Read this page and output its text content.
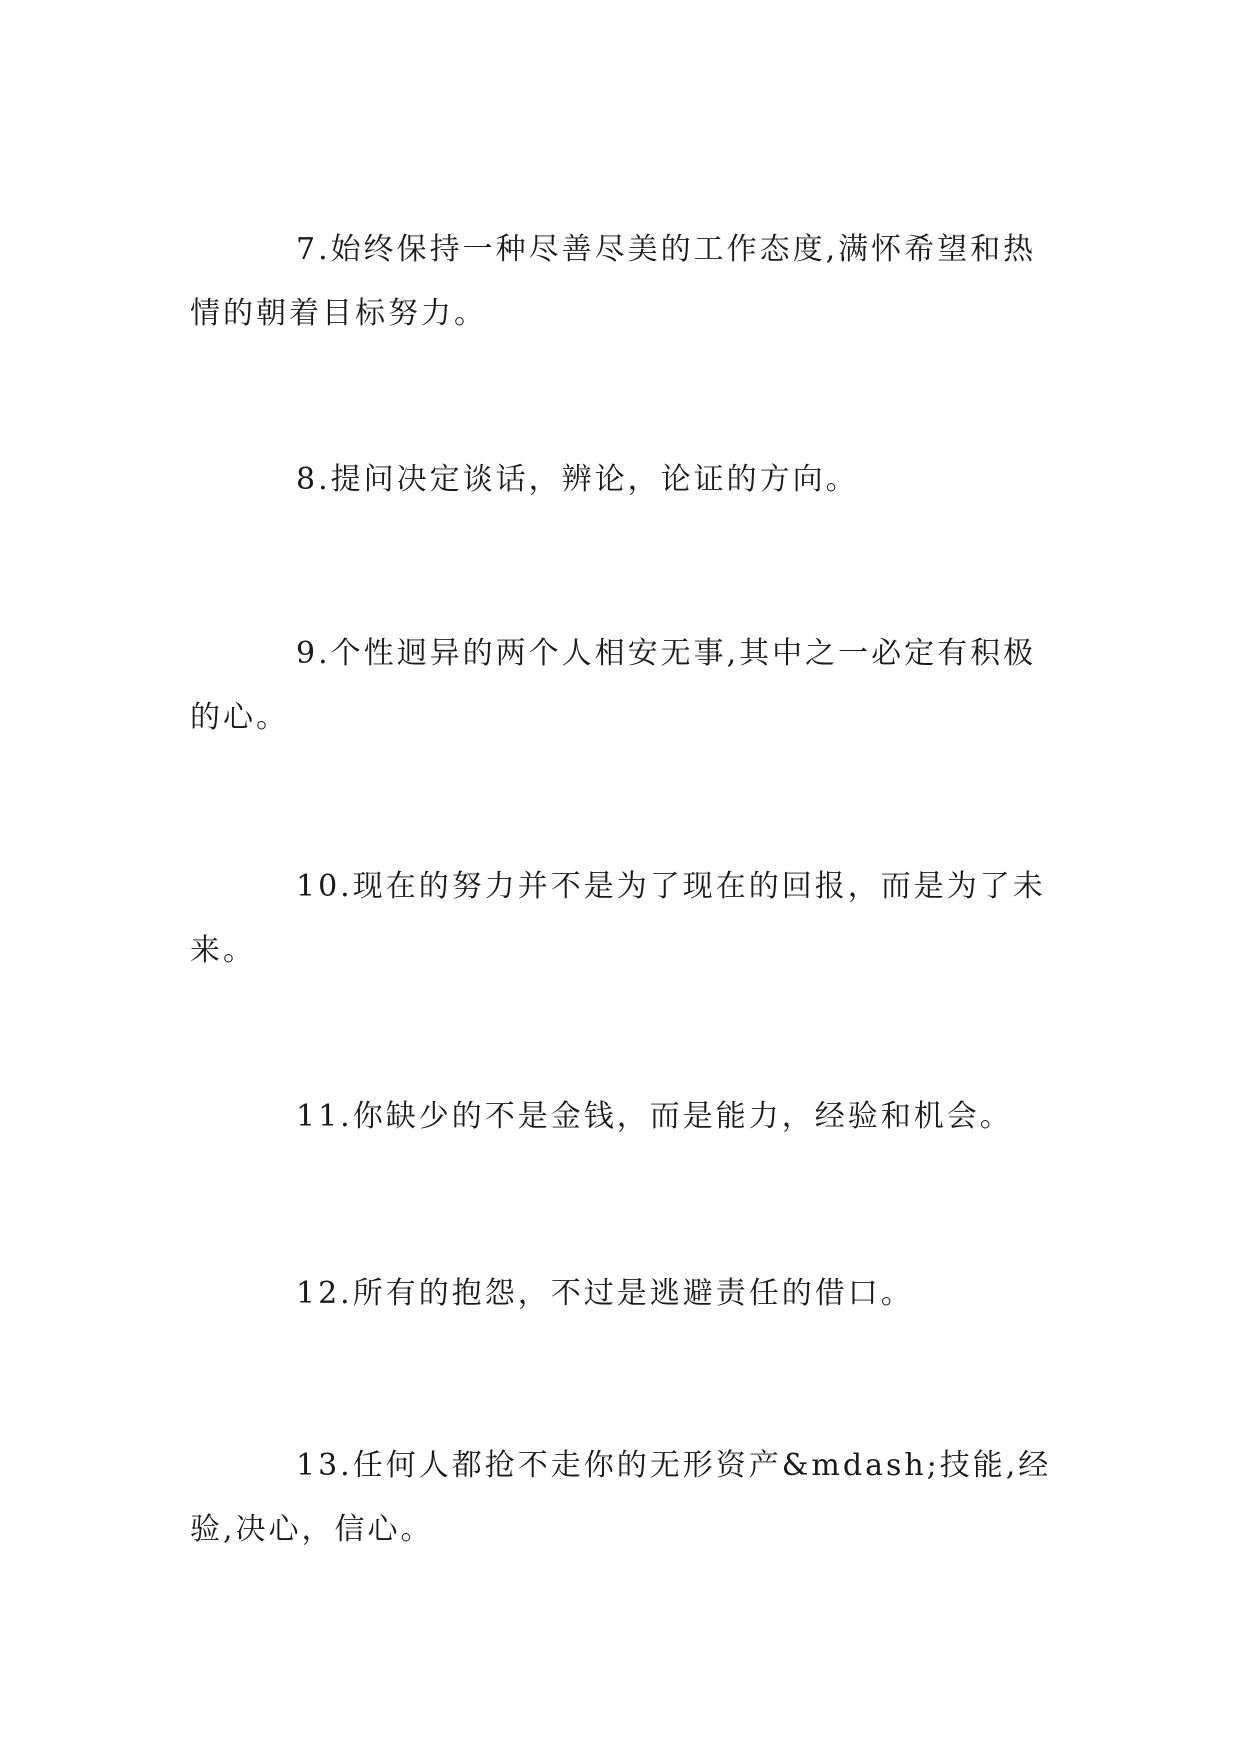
7.始终保持一种尽善尽美的工作态度,满怀希望和热情的朝着目标努力。

8.提问决定谈话，辨论，论证的方向。

9.个性迥异的两个人相安无事,其中之一必定有积极的心。

10.现在的努力并不是为了现在的回报，而是为了未来。

11.你缺少的不是金钱，而是能力，经验和机会。

12.所有的抱怨，不过是逃避责任的借口。

13.任何人都抢不走你的无形资产&mdash;技能,经验,决心，信心。
